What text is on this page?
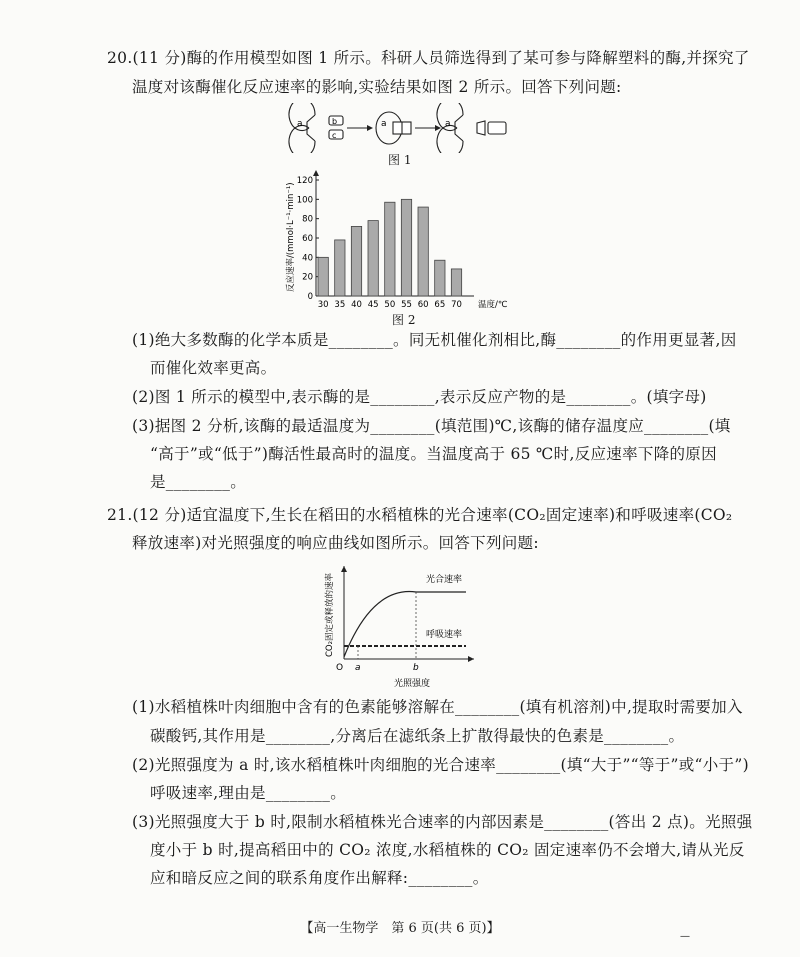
20.(11 分)酶的作用模型如图 1 所示。科研人员筛选得到了某可参与降解塑料的酶,并探究了
温度对该酶催化反应速率的影响,实验结果如图 2 所示。回答下列问题:
a	b
c
a	a
图 1
0
20
40
60
80
100
120
30 35 40 45 50 55 60 65 70 温度/℃
反应速率/(mmol·L⁻¹·min⁻¹)
图 2
(1)绝大多数酶的化学本质是________。同无机催化剂相比,酶________的作用更显著,因
而催化效率更高。
(2)图 1 所示的模型中,表示酶的是________,表示反应产物的是________。(填字母)
(3)据图 2 分析,该酶的最适温度为________(填范围)℃,该酶的储存温度应________(填
“高于”或“低于”)酶活性最高时的温度。当温度高于 65 ℃时,反应速率下降的原因
是________。
21.(12 分)适宜温度下,生长在稻田的水稻植株的光合速率(CO₂固定速率)和呼吸速率(CO₂
释放速率)对光照强度的响应曲线如图所示。回答下列问题:
光合速率
呼吸速率
O a	b
光照强度
CO₂固定或释放的速率
(1)水稻植株叶肉细胞中含有的色素能够溶解在________(填有机溶剂)中,提取时需要加入
碳酸钙,其作用是________,分离后在滤纸条上扩散得最快的色素是________。
(2)光照强度为 a 时,该水稻植株叶肉细胞的光合速率________(填“大于”“等于”或“小于”)
呼吸速率,理由是________。
(3)光照强度大于 b 时,限制水稻植株光合速率的内部因素是________(答出 2 点)。光照强
度小于 b 时,提高稻田中的 CO₂ 浓度,水稻植株的 CO₂ 固定速率仍不会增大,请从光反
应和暗反应之间的联系角度作出解释:________。
【高一生物学　第 6 页(共 6 页)】
—
